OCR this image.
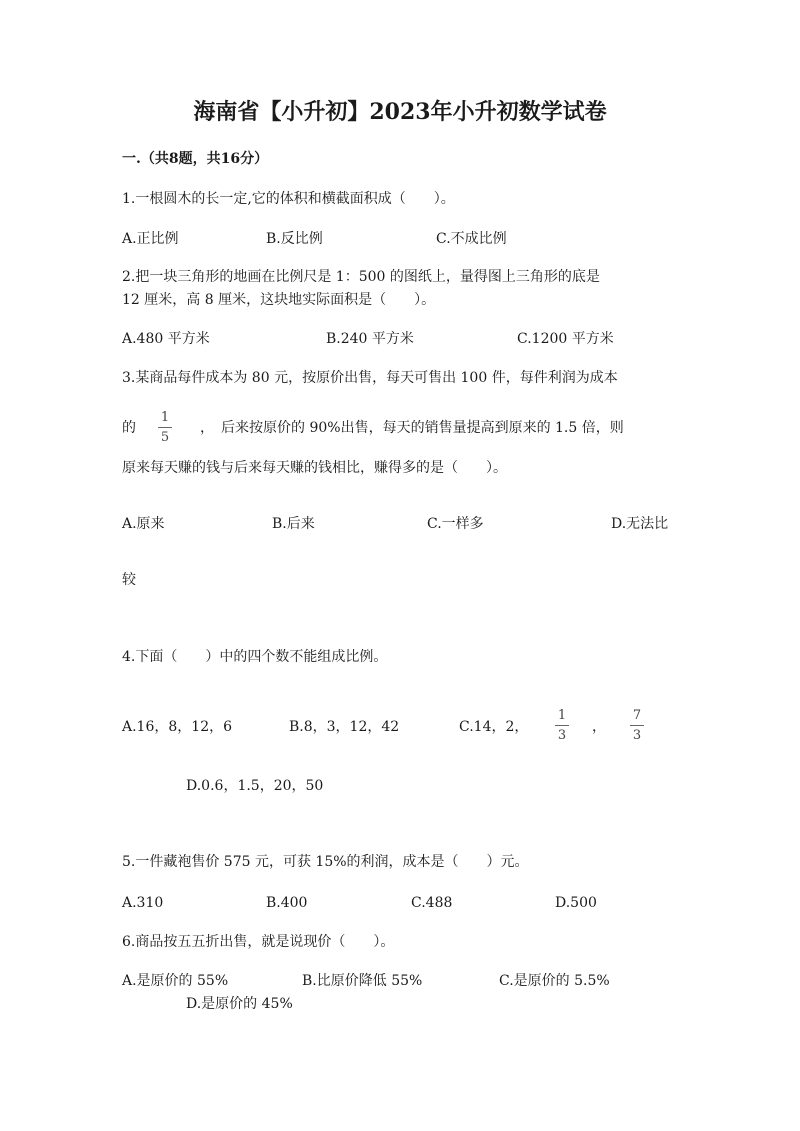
海南省【小升初】2023年小升初数学试卷
一.（共8题，共16分）
1.一根圆木的长一定,它的体积和横截面积成（　　）。
A.正比例	B.反比例	C.不成比例
2.把一块三角形的地画在比例尺是 1：500 的图纸上，量得图上三角形的底是
12 厘米，高 8 厘米，这块地实际面积是（　　）。
A.480 平方米	B.240 平方米	C.1200 平方米
3.某商品每件成本为 80 元，按原价出售，每天可售出 100 件，每件利润为成本
的
1
5
，　后来按原价的 90%出售，每天的销售量提高到原来的 1.5 倍，则
原来每天赚的钱与后来每天赚的钱相比，赚得多的是（　　）。
A.原来	B.后来	C.一样多	D.无法比
较
4.下面（　　）中的四个数不能组成比例。
A.16，8，12，6	B.8，3，12，42	C.14，2，
1
3
，
7
3
D.0.6，1.5，20，50
5.一件藏袍售价 575 元，可获 15%的利润，成本是（　　）元。
A.310	B.400	C.488	D.500
6.商品按五五折出售，就是说现价（　　）。
A.是原价的 55%	B.比原价降低 55%	C.是原价的 5.5%
D.是原价的 45%
